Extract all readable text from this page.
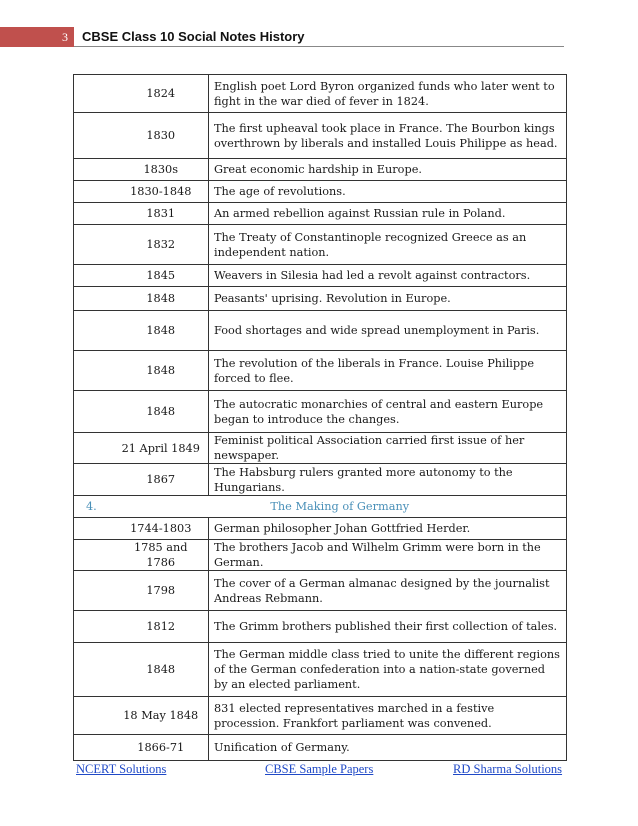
3	CBSE Class 10 Social Notes History
	1824	English poet Lord Byron organized funds who later went to fight in the war died of fever in 1824.
	1830	The first upheaval took place in France. The Bourbon kings overthrown by liberals and installed Louis Philippe as head.
	1830s	Great economic hardship in Europe.
	1830-1848	The age of revolutions.
	1831	An armed rebellion against Russian rule in Poland.
	1832	The Treaty of Constantinople recognized Greece as an independent nation.
	1845	Weavers in Silesia had led a revolt against contractors.
	1848	Peasants' uprising. Revolution in Europe.
	1848	Food shortages and wide spread unemployment in Paris.
	1848	The revolution of the liberals in France. Louise Philippe forced to flee.
	1848	The autocratic monarchies of central and eastern Europe began to introduce the changes.
	21 April 1849	Feminist political Association carried first issue of her newspaper.
	1867	The Habsburg rulers granted more autonomy to the Hungarians.
4.	The Making of Germany	
	1744-1803	German philosopher Johan Gottfried Herder.
	1785 and 1786	The brothers Jacob and Wilhelm Grimm were born in the German.
	1798	The cover of a German almanac designed by the journalist Andreas Rebmann.
	1812	The Grimm brothers published their first collection of tales.
	1848	The German middle class tried to unite the different regions of the German confederation into a nation-state governed by an elected parliament.
	18 May 1848	831 elected representatives marched in a festive procession. Frankfort parliament was convened.
	1866-71	Unification of Germany.
NCERT Solutions	CBSE Sample Papers	RD Sharma Solutions
